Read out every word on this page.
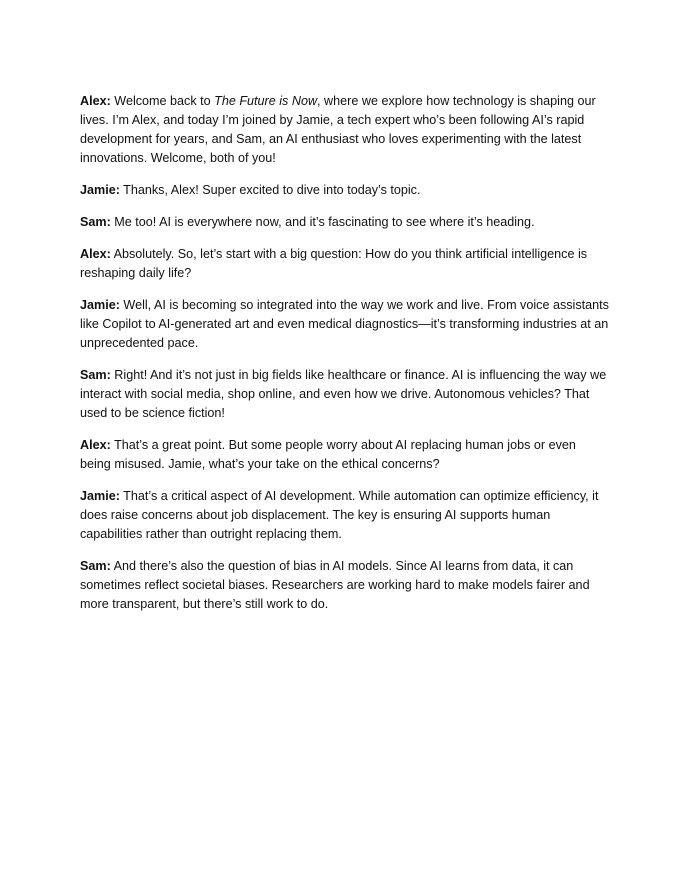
Alex: Welcome back to The Future is Now, where we explore how technology is shaping our lives. I’m Alex, and today I’m joined by Jamie, a tech expert who’s been following AI’s rapid development for years, and Sam, an AI enthusiast who loves experimenting with the latest innovations. Welcome, both of you!

Jamie: Thanks, Alex! Super excited to dive into today’s topic.

Sam: Me too! AI is everywhere now, and it’s fascinating to see where it’s heading.

Alex: Absolutely. So, let’s start with a big question: How do you think artificial intelligence is reshaping daily life?

Jamie: Well, AI is becoming so integrated into the way we work and live. From voice assistants like Copilot to AI-generated art and even medical diagnostics—it’s transforming industries at an unprecedented pace.

Sam: Right! And it’s not just in big fields like healthcare or finance. AI is influencing the way we interact with social media, shop online, and even how we drive. Autonomous vehicles? That used to be science fiction!

Alex: That’s a great point. But some people worry about AI replacing human jobs or even being misused. Jamie, what’s your take on the ethical concerns?

Jamie: That’s a critical aspect of AI development. While automation can optimize efficiency, it does raise concerns about job displacement. The key is ensuring AI supports human capabilities rather than outright replacing them.

Sam: And there’s also the question of bias in AI models. Since AI learns from data, it can sometimes reflect societal biases. Researchers are working hard to make models fairer and more transparent, but there’s still work to do.
